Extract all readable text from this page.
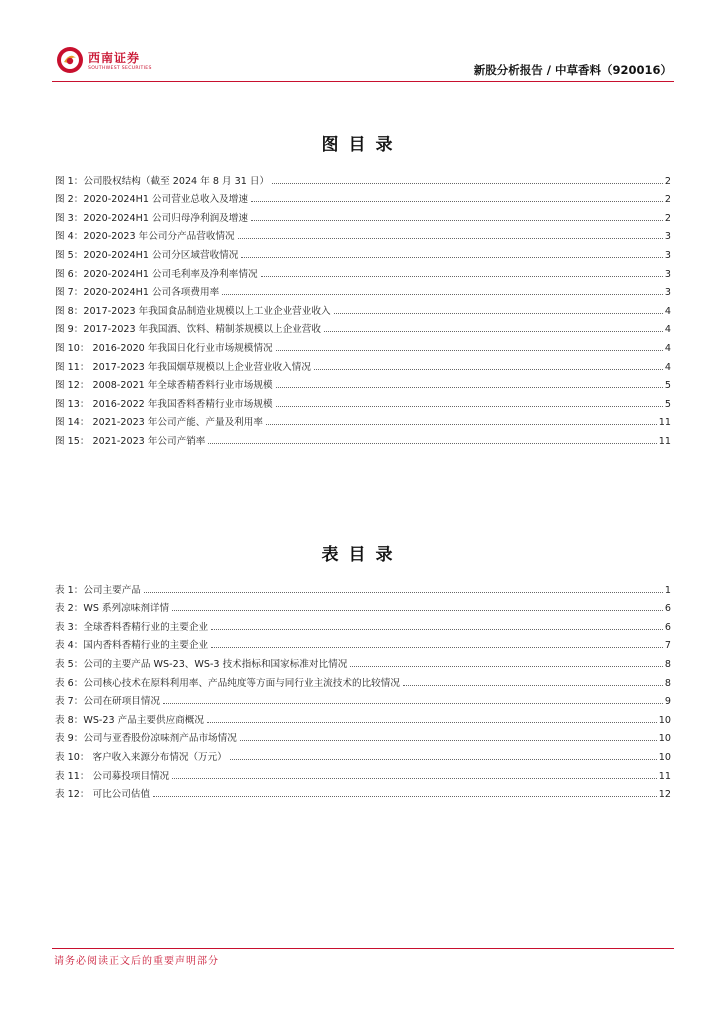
西南证券
SOUTHWEST SECURITIES	新股分析报告 / 中草香料（920016）
图目录
图 1：公司股权结构（截至 2024 年 8 月 31 日）	2
图 2：2020-2024H1 公司营业总收入及增速	2
图 3：2020-2024H1 公司归母净利润及增速	2
图 4：2020-2023 年公司分产品营收情况	3
图 5：2020-2024H1 公司分区域营收情况	3
图 6：2020-2024H1 公司毛利率及净利率情况	3
图 7：2020-2024H1 公司各项费用率	3
图 8：2017-2023 年我国食品制造业规模以上工业企业营业收入	4
图 9：2017-2023 年我国酒、饮料、精制茶规模以上企业营收	4
图 10： 2016-2020 年我国日化行业市场规模情况	4
图 11： 2017-2023 年我国烟草规模以上企业营业收入情况	4
图 12： 2008-2021 年全球香精香料行业市场规模	5
图 13： 2016-2022 年我国香料香精行业市场规模	5
图 14： 2021-2023 年公司产能、产量及利用率	11
图 15： 2021-2023 年公司产销率	11
表目录
表 1：公司主要产品	1
表 2：WS 系列凉味剂详情	6
表 3：全球香料香精行业的主要企业	6
表 4：国内香料香精行业的主要企业	7
表 5：公司的主要产品 WS-23、WS-3 技术指标和国家标准对比情况	8
表 6：公司核心技术在原料利用率、产品纯度等方面与同行业主流技术的比较情况	8
表 7：公司在研项目情况	9
表 8：WS-23 产品主要供应商概况	10
表 9：公司与亚香股份凉味剂产品市场情况	10
表 10： 客户收入来源分布情况（万元）	10
表 11： 公司募投项目情况	11
表 12： 可比公司估值	12
请务必阅读正文后的重要声明部分
